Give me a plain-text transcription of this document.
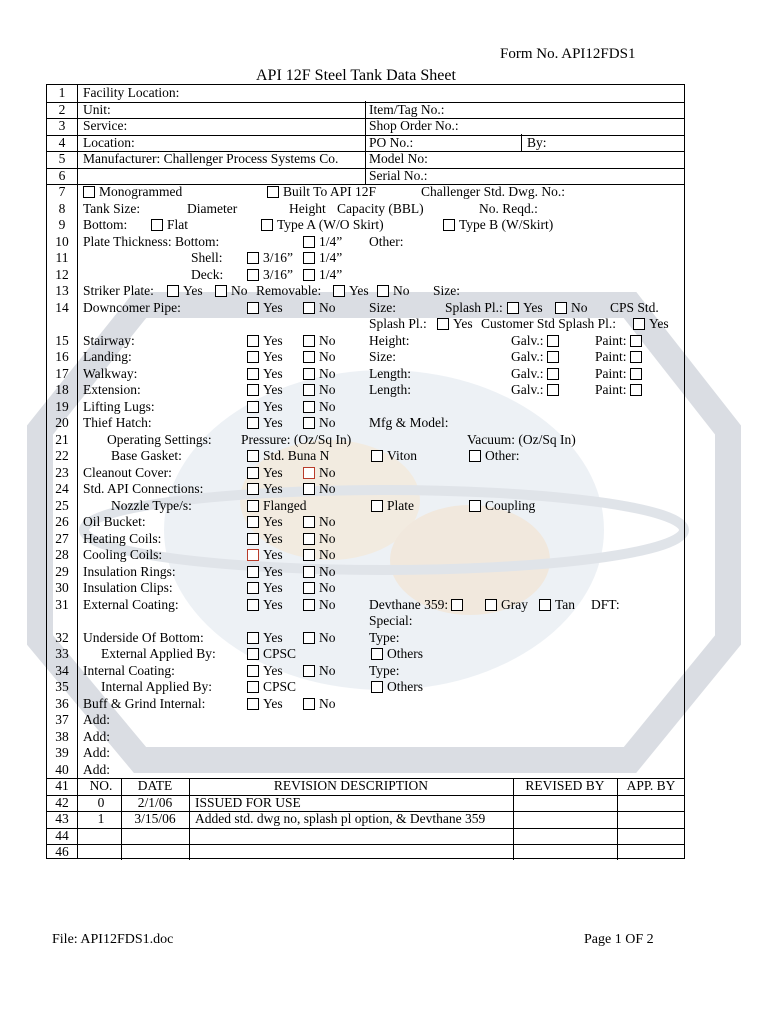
Form No. API12FDS1
API 12F Steel Tank Data Sheet
1	Facility Location:
2	Unit:	Item/Tag No.:
3	Service:	Shop Order No.:
4	Location:	PO No.:	By:
5	Manufacturer: Challenger Process Systems Co. Model No:
6	Serial No.:
7	Monogrammed	Built To API 12F	Challenger Std. Dwg. No.:
8	Tank Size:	Diameter	Height Capacity (BBL)	No. Reqd.:
9	Bottom:	Flat	Type A (W/O Skirt)	Type B (W/Skirt)
10	Plate Thickness: Bottom:	1/4” Other:
11	Shell:	3/16”	1/4”
12	Deck:	3/16”	1/4”
13	Striker Plate:	Yes	No Removable:	Yes	No Size:
14	Downcomer Pipe:	Yes	No Size:	Splash Pl.:	Yes	No CPS Std.
Splash Pl.:	Yes Customer Std Splash Pl.:	Yes
15	Stairway:	Yes	No Height:	Galv.:	Paint:
16	Landing:	Yes	No Size:	Galv.:	Paint:
17	Walkway:	Yes	No Length:	Galv.:	Paint:
18	Extension:	Yes	No Length:	Galv.:	Paint:
19	Lifting Lugs:	Yes	No
20	Thief Hatch:	Yes	No Mfg & Model:
21	Operating Settings: Pressure: (Oz/Sq In)	Vacuum: (Oz/Sq In)
22	Base Gasket:	Std. Buna N	Viton	Other:
23	Cleanout Cover:	Yes	No
24	Std. API Connections:	Yes	No
25	Nozzle Type/s:	Flanged	Plate	Coupling
26	Oil Bucket:	Yes	No
27	Heating Coils:	Yes	No
28	Cooling Coils:	Yes	No
29	Insulation Rings:	Yes	No
30	Insulation Clips:	Yes	No
31	External Coating:	Yes	No Devthane 359:	Gray	Tan DFT:
Special:
32	Underside Of Bottom:	Yes	No Type:
33	External Applied By:	CPSC	Others
34	Internal Coating:	Yes	No Type:
35	Internal Applied By:	CPSC	Others
36	Buff & Grind Internal:	Yes	No
37	Add:
38	Add:
39	Add:
40	Add:
41	NO.	DATE	REVISION DESCRIPTION	REVISED BY	APP. BY
42	0	2/1/06	ISSUED FOR USE
43	1	3/15/06	Added std. dwg no, splash pl option, & Devthane 359
44
46
File: API12FDS1.doc	Page 1 OF 2
